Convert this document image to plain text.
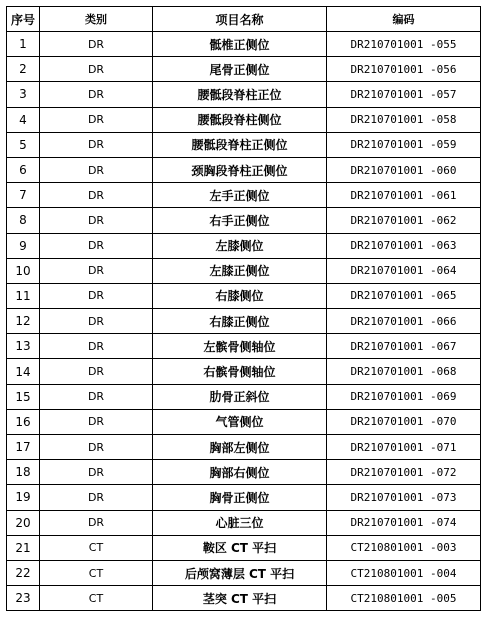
序号	类别	项目名称	编码
1	DR	骶椎正侧位	DR210701001 -055
2	DR	尾骨正侧位	DR210701001 -056
3	DR	腰骶段脊柱正位	DR210701001 -057
4	DR	腰骶段脊柱侧位	DR210701001 -058
5	DR	腰骶段脊柱正侧位	DR210701001 -059
6	DR	颈胸段脊柱正侧位	DR210701001 -060
7	DR	左手正侧位	DR210701001 -061
8	DR	右手正侧位	DR210701001 -062
9	DR	左膝侧位	DR210701001 -063
10	DR	左膝正侧位	DR210701001 -064
11	DR	右膝侧位	DR210701001 -065
12	DR	右膝正侧位	DR210701001 -066
13	DR	左髌骨侧轴位	DR210701001 -067
14	DR	右髌骨侧轴位	DR210701001 -068
15	DR	肋骨正斜位	DR210701001 -069
16	DR	气管侧位	DR210701001 -070
17	DR	胸部左侧位	DR210701001 -071
18	DR	胸部右侧位	DR210701001 -072
19	DR	胸骨正侧位	DR210701001 -073
20	DR	心脏三位	DR210701001 -074
21	CT	鞍区 CT 平扫	CT210801001 -003
22	CT	后颅窝薄层 CT 平扫	CT210801001 -004
23	CT	茎突 CT 平扫	CT210801001 -005
